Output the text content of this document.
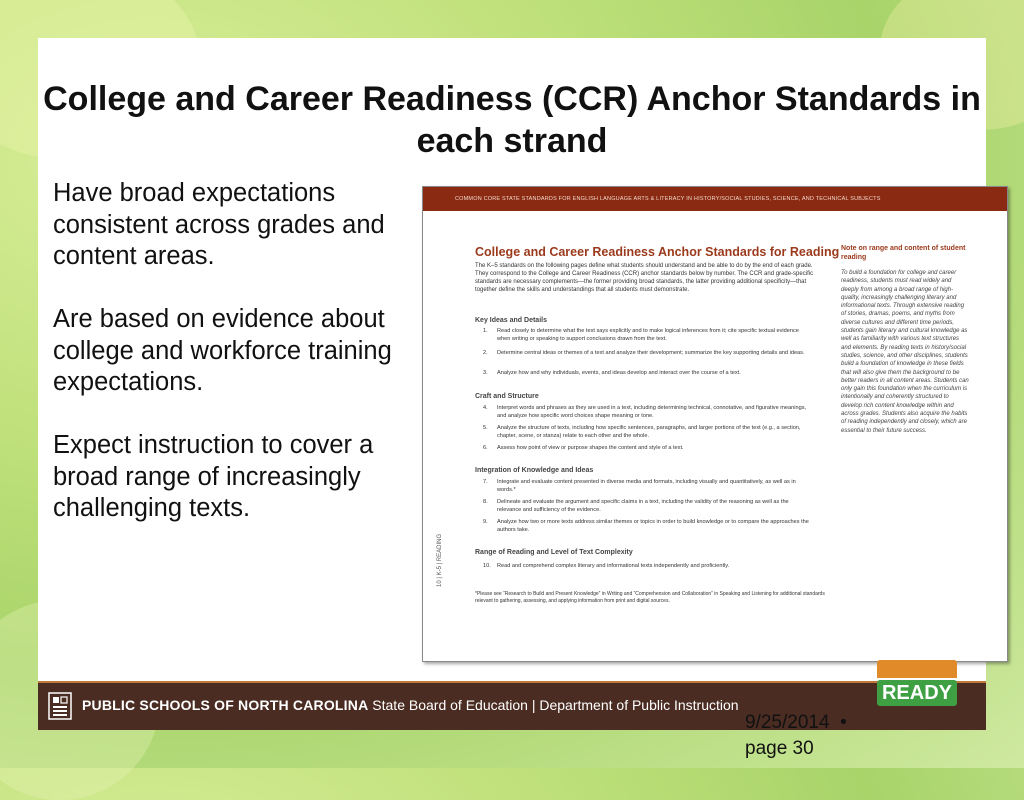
College and Career Readiness (CCR) Anchor Standards in each strand

Have broad expectations consistent across grades and content areas.

Are based on evidence about college and workforce training expectations.

Expect instruction to cover a broad range of increasingly challenging texts.

COMMON CORE STATE STANDARDS FOR ENGLISH LANGUAGE ARTS & LITERACY IN HISTORY/SOCIAL STUDIES, SCIENCE, AND TECHNICAL SUBJECTS
10 | K-5 | READING
College and Career Readiness Anchor Standards for Reading
The K–5 standards on the following pages define what students should understand and be able to do by the end of each grade. They correspond to the College and Career Readiness (CCR) anchor standards below by number. The CCR and grade-specific standards are necessary complements—the former providing broad standards, the latter providing additional specificity—that together define the skills and understandings that all students must demonstrate.
Key Ideas and Details
1.	Read closely to determine what the text says explicitly and to make logical inferences from it; cite specific textual evidence when writing or speaking to support conclusions drawn from the text.
2.	Determine central ideas or themes of a text and analyze their development; summarize the key supporting details and ideas.
3.	Analyze how and why individuals, events, and ideas develop and interact over the course of a text.
Craft and Structure
4.	Interpret words and phrases as they are used in a text, including determining technical, connotative, and figurative meanings, and analyze how specific word choices shape meaning or tone.
5.	Analyze the structure of texts, including how specific sentences, paragraphs, and larger portions of the text (e.g., a section, chapter, scene, or stanza) relate to each other and the whole.
6.	Assess how point of view or purpose shapes the content and style of a text.
Integration of Knowledge and Ideas
7.	Integrate and evaluate content presented in diverse media and formats, including visually and quantitatively, as well as in words.*
8.	Delineate and evaluate the argument and specific claims in a text, including the validity of the reasoning as well as the relevance and sufficiency of the evidence.
9.	Analyze how two or more texts address similar themes or topics in order to build knowledge or to compare the approaches the authors take.
Range of Reading and Level of Text Complexity
10.	Read and comprehend complex literary and informational texts independently and proficiently.
*Please see “Research to Build and Present Knowledge” in Writing and “Comprehension and Collaboration” in Speaking and Listening for additional standards relevant to gathering, assessing, and applying information from print and digital sources.
Note on range and content of student reading
To build a foundation for college and career readiness, students must read widely and deeply from among a broad range of high-quality, increasingly challenging literary and informational texts. Through extensive reading of stories, dramas, poems, and myths from diverse cultures and different time periods, students gain literary and cultural knowledge as well as familiarity with various text structures and elements. By reading texts in history/social studies, science, and other disciplines, students build a foundation of knowledge in these fields that will also give them the background to be better readers in all content areas. Students can only gain this foundation when the curriculum is intentionally and coherently structured to develop rich content knowledge within and across grades. Students also acquire the habits of reading independently and closely, which are essential to their future success.
PUBLIC SCHOOLS OF NORTH CAROLINA State Board of Education | Department of Public Instruction
READY
9/25/2014 •
page 30
